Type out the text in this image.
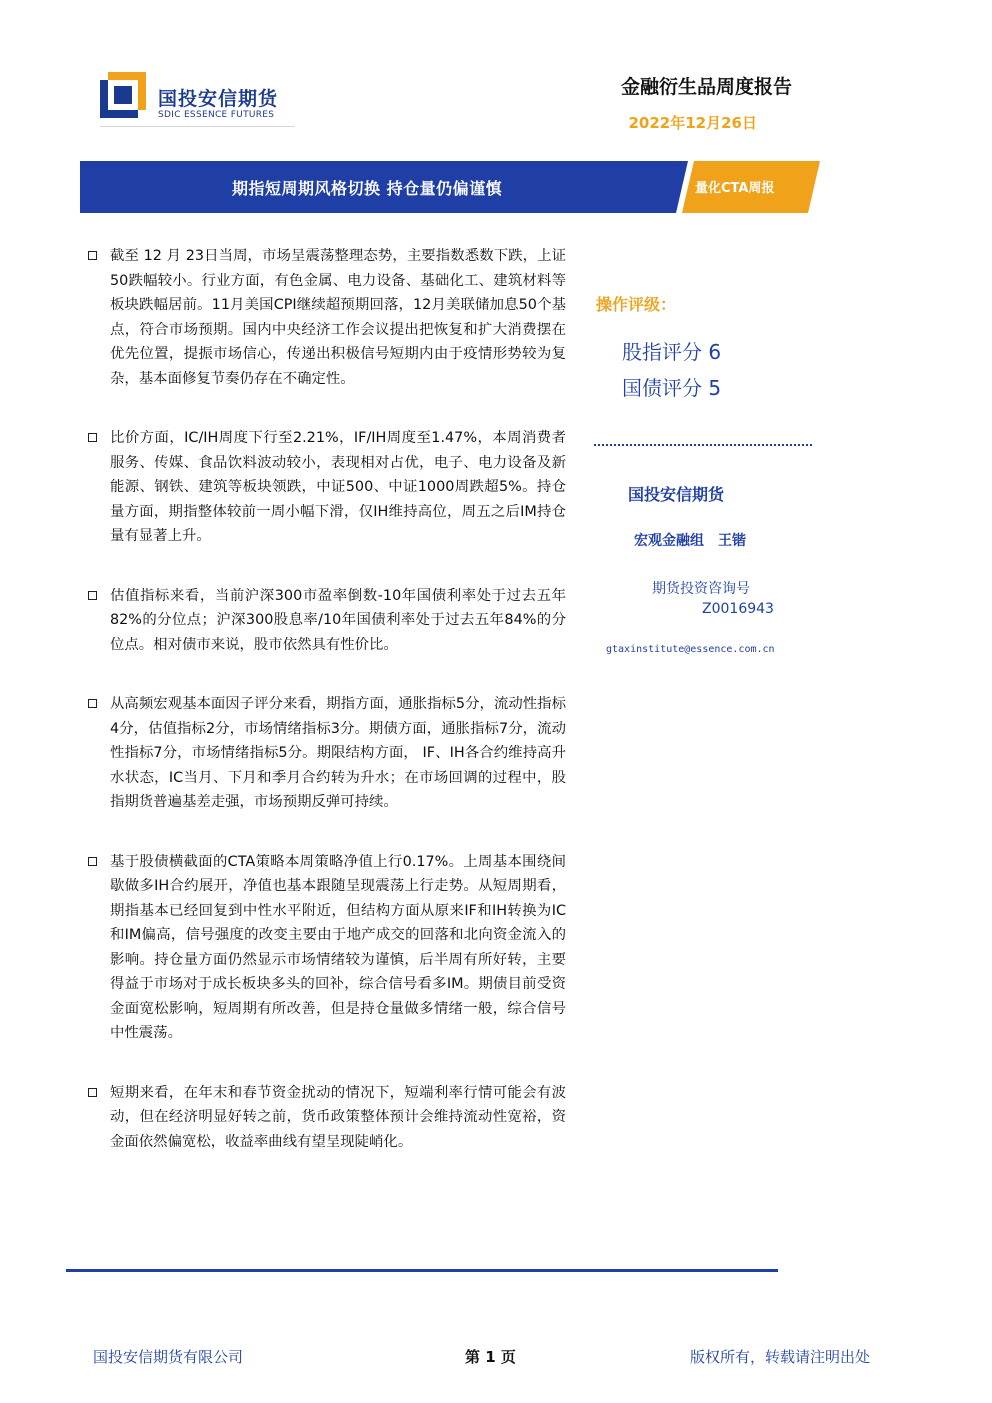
国投安信期货
SDIC ESSENCE FUTURES
金融衍生品周度报告
2022年12月26日
期指短周期风格切换 持仓量仍偏谨慎	量化CTA周报
截至 12 月 23日当周，市场呈震荡整理态势，主要指数悉数下跌，上证50跌幅较小。行业方面，有色金属、电力设备、基础化工、建筑材料等板块跌幅居前。11月美国CPI继续超预期回落，12月美联储加息50个基点，符合市场预期。国内中央经济工作会议提出把恢复和扩大消费摆在优先位置，提振市场信心，传递出积极信号短期内由于疫情形势较为复杂，基本面修复节奏仍存在不确定性。
比价方面，IC/IH周度下行至2.21%，IF/IH周度至1.47%，本周消费者服务、传媒、食品饮料波动较小，表现相对占优，电子、电力设备及新能源、钢铁、建筑等板块领跌，中证500、中证1000周跌超5%。持仓量方面，期指整体较前一周小幅下滑，仅IH维持高位，周五之后IM持仓量有显著上升。
估值指标来看，当前沪深300市盈率倒数-10年国债利率处于过去五年82%的分位点；沪深300股息率/10年国债利率处于过去五年84%的分位点。相对债市来说，股市依然具有性价比。
从高频宏观基本面因子评分来看，期指方面，通胀指标5分，流动性指标4分，估值指标2分，市场情绪指标3分。期债方面，通胀指标7分，流动性指标7分，市场情绪指标5分。期限结构方面， IF、IH各合约维持高升水状态，IC当月、下月和季月合约转为升水；在市场回调的过程中，股指期货普遍基差走强，市场预期反弹可持续。
基于股债横截面的CTA策略本周策略净值上行0.17%。上周基本围绕间歇做多IH合约展开，净值也基本跟随呈现震荡上行走势。从短周期看，期指基本已经回复到中性水平附近，但结构方面从原来IF和IH转换为IC和IM偏高，信号强度的改变主要由于地产成交的回落和北向资金流入的影响。持仓量方面仍然显示市场情绪较为谨慎，后半周有所好转，主要得益于市场对于成长板块多头的回补，综合信号看多IM。期债目前受资金面宽松影响，短周期有所改善，但是持仓量做多情绪一般，综合信号中性震荡。
短期来看，在年末和春节资金扰动的情况下，短端利率行情可能会有波动，但在经济明显好转之前，货币政策整体预计会维持流动性宽裕，资金面依然偏宽松，收益率曲线有望呈现陡峭化。
操作评级：
股指评分 6
国债评分 5
国投安信期货
宏观金融组　王锴
期货投资咨询号
Z0016943
gtaxinstitute@essence.com.cn
国投安信期货有限公司	第 1 页	版权所有，转载请注明出处
